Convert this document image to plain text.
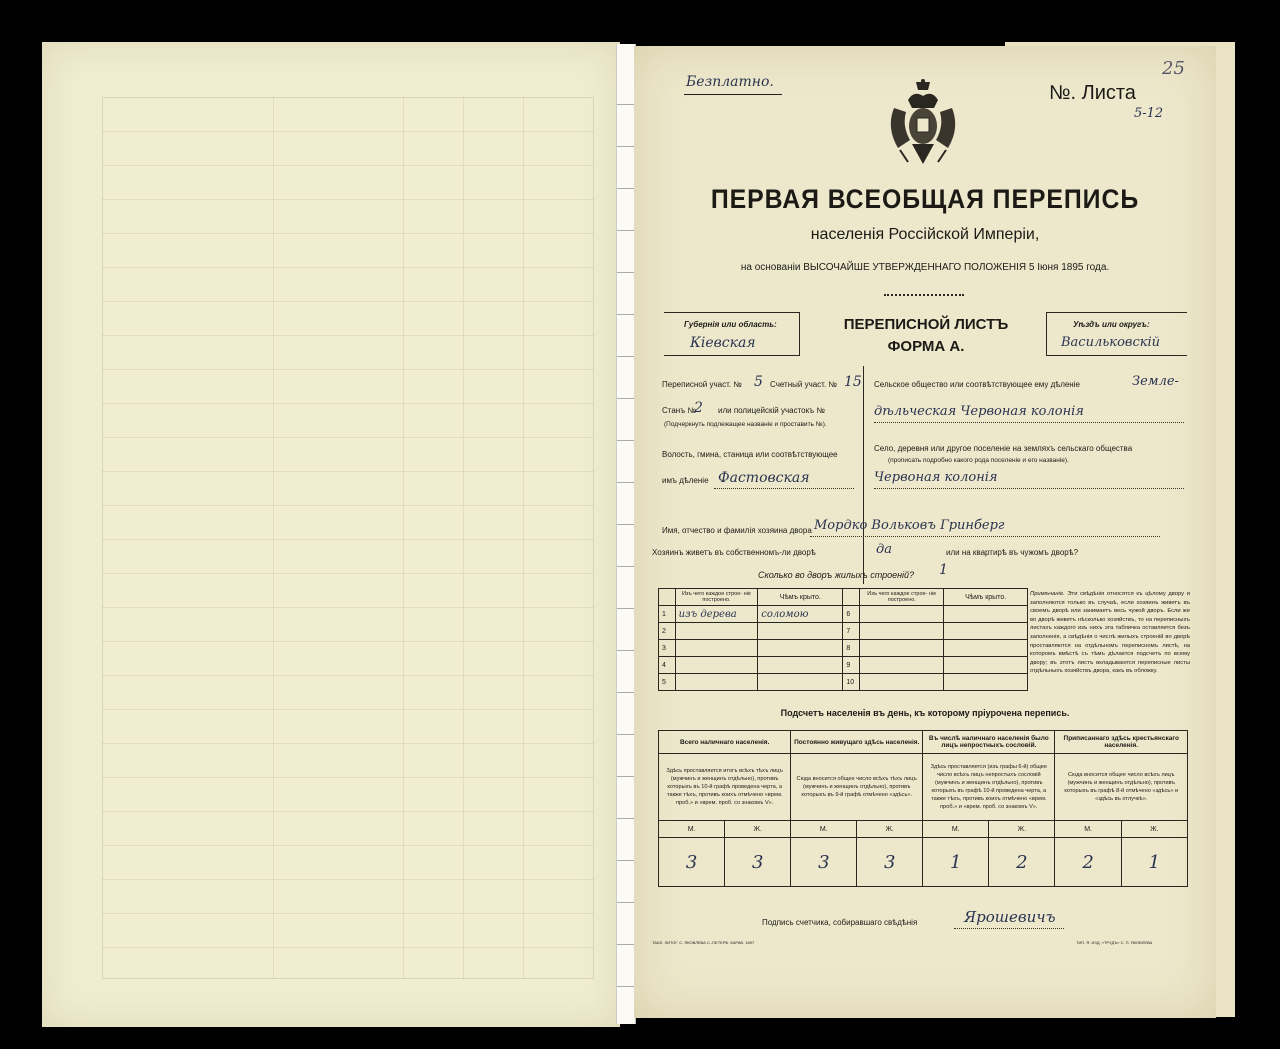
Безплатно.	№. Листа
5-12
25
ПЕРВАЯ ВСЕОБЩАЯ ПЕРЕПИСЬ
населенія Россійской Имперіи,
на основаніи ВЫСОЧАЙШЕ УТВЕРЖДЕННАГО ПОЛОЖЕНІЯ 5 Іюня 1895 года.
Губернія или область:
Кіевская
ПЕРЕПИСНОЙ ЛИСТЪ
ФОРМА А.
Уѣздъ или округъ:
Васильковскій
Переписной участ. № 5 Счетный участ. № 15
Станъ №
2 или полицейскій участокъ №
(Подчеркнуть подлежащее названіе и проставить №).
Волость, гмина, станица или соотвѣтствующее
имъ дѣленіе Фастовская
Сельское общество или соотвѣтствующее ему дѣленіе	Земле-
дѣльческая Червоная колонія
Село, деревня или другое поселеніе на земляхъ сельскаго общества
(прописать подробно какого рода поселеніе и его названіе).
Червоная колонія
Имя, отчество и фамилія хозяина двора Мордко Вольковъ Гринберг
Хозяинъ живетъ въ собственномъ-ли дворѣ	да	или на квартирѣ въ чужомъ дворѣ?
Сколько во дворъ жилыхъ строеній? 1
	Изъ чего каждое строе- ніе построено.	Чѣмъ крыто.		Изъ чего каждое строе- ніе построено.	Чѣмъ крыто.
1	изъ дерева	соломою	6		
2			7		
3			8		
4			9		
5			10		
Примѣчаніе. Эти свѣдѣнія относятся къ цѣлому двору и заполняются только въ случаѣ, если хозяинъ живетъ въ своемъ дворѣ или занимаетъ весь чужой дворъ. Если же во дворѣ живетъ нѣсколько хозяйствъ, то на переписныхъ листахъ каждого изъ нихъ эта табличка оставляется безъ заполненія, а свѣдѣнія о числѣ жилыхъ строеній во дворѣ проставляются на отдѣльномъ переписномъ листѣ, на которомъ вмѣстѣ съ тѣмъ дѣлается подсчетъ по всему двору; въ этотъ листъ вкладываются переписные листы отдѣльныхъ хозяйствъ двора, какъ въ обложку.
Подсчетъ населенія въ день, къ которому пріурочена перепись.
Всего наличнаго населенія.		Постоянно живущаго здѣсь населенія.		Въ числѣ наличнаго населенія было лицъ непростныхъ сословій.		Приписаннаго здѣсь крестьянскаго населенія.	
Здѣсь проставляется итогъ всѣхъ тѣхъ лицъ (мужчинъ и женщинъ отдѣльно), противъ которыхъ въ 10-й графѣ проведена черта, а также тѣхъ, противъ коихъ отмѣчено «врем. проб.» и «врем. проб. со знакомъ V».		Сюда вносится общее число всѣхъ тѣхъ лицъ (мужчинъ и женщинъ отдѣльно), противъ которыхъ въ 9-й графѣ отмѣчено «здѣсь».		Здѣсь проставляется (изъ графы 6-й) общее число всѣхъ лицъ непростыхъ сословій (мужчинъ и женщинъ отдѣльно), противъ которыхъ въ графѣ 10-й проведена черта, а также тѣхъ, противъ коихъ отмѣчено «врем. проб.» и «врем. проб. со знакомъ V».		Сюда вносится общее число всѣхъ лицъ (мужчинъ и женщинъ отдѣльно), противъ которыхъ въ графѣ 8-й отмѣчено «здѣсь» и «здѣсь въ отлучкѣ».	
М.	Ж.	М.	Ж.	М.	Ж.	М.	Ж.
3	3	3	3	1	2	2	1
Подпись счетчика, собиравшаго свѣдѣнія	Ярошевичъ
ТАБЛ. ЛИТОГ. С. ЯКОВЛЕВА С.-ПЕТЕРБ. КАРАВ. 1897	ТИП. Я. ИЗД. «ТРУДЪ» С. П. ЯКОВЛЕВА
